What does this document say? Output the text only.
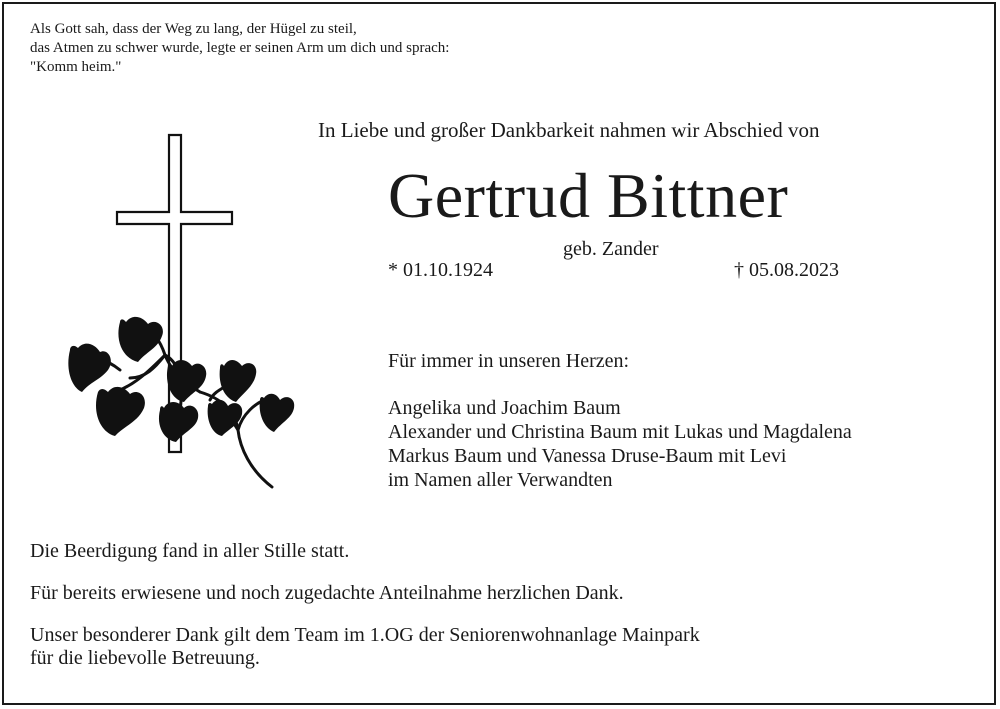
Als Gott sah, dass der Weg zu lang, der Hügel zu steil,
das Atmen zu schwer wurde, legte er seinen Arm um dich und sprach:
"Komm heim."
In Liebe und großer Dankbarkeit nahmen wir Abschied von
Gertrud Bittner
geb. Zander
* 01.10.1924	† 05.08.2023
Für immer in unseren Herzen:
Angelika und Joachim Baum
Alexander und Christina Baum mit Lukas und Magdalena
Markus Baum und Vanessa Druse-Baum mit Levi
im Namen aller Verwandten

Die Beerdigung fand in aller Stille statt.

Für bereits erwiesene und noch zugedachte Anteilnahme herzlichen Dank.

Unser besonderer Dank gilt dem Team im 1.OG der Seniorenwohnanlage Mainpark
für die liebevolle Betreuung.
